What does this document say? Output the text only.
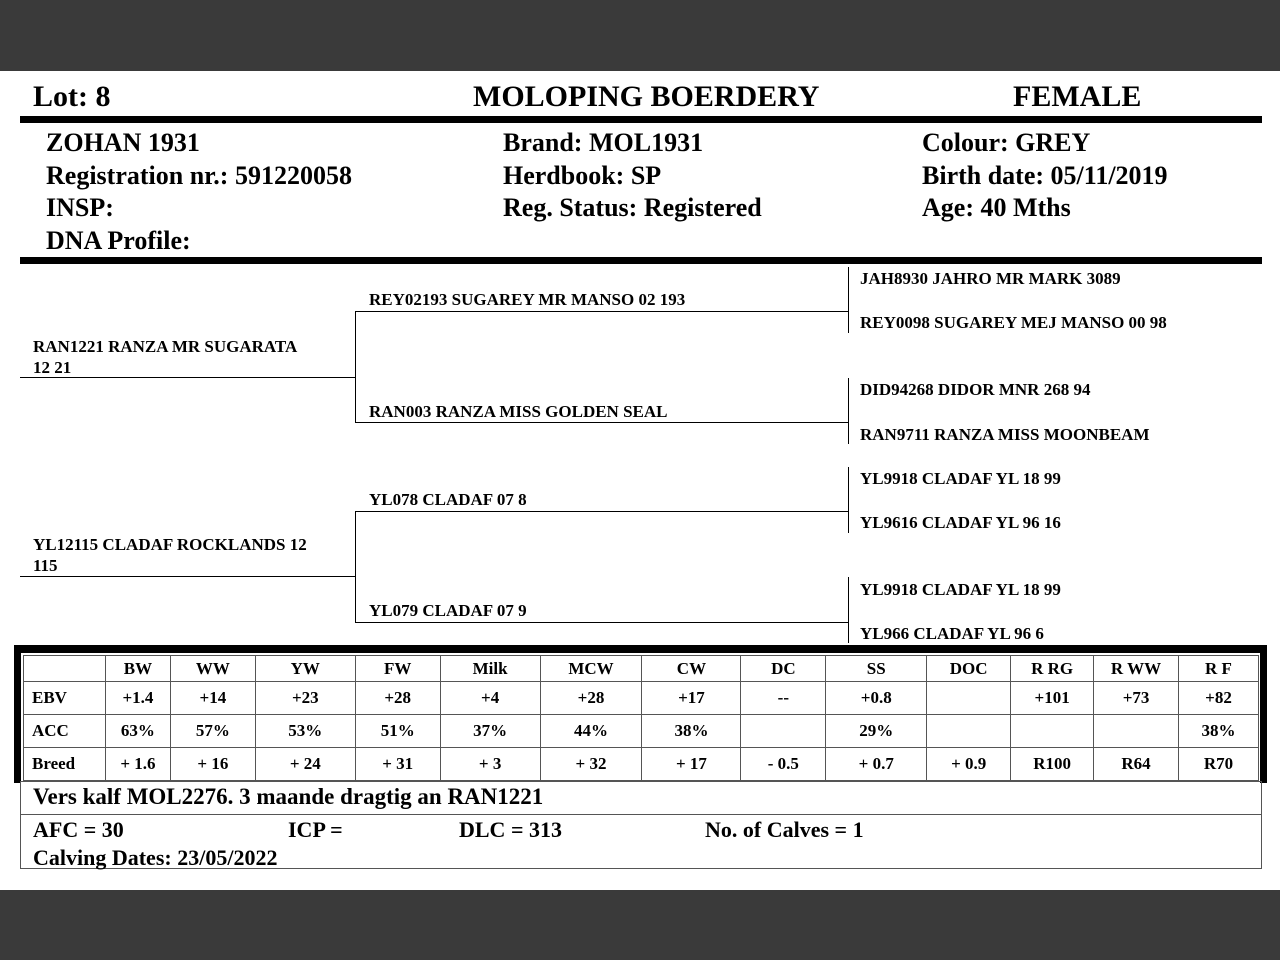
Lot: 8	MOLOPING BOERDERY	FEMALE
ZOHAN 1931
Registration nr.: 591220058
INSP:
DNA Profile:
Brand: MOL1931
Herdbook: SP
Reg. Status: Registered
Colour: GREY
Birth date: 05/11/2019
Age: 40 Mths
RAN1221 RANZA MR SUGARATA
12 21
YL12115 CLADAF ROCKLANDS 12
115
REY02193 SUGAREY MR MANSO 02 193
RAN003 RANZA MISS GOLDEN SEAL
YL078 CLADAF 07 8
YL079 CLADAF 07 9
JAH8930 JAHRO MR MARK 3089
REY0098 SUGAREY MEJ MANSO 00 98
DID94268 DIDOR MNR 268 94
RAN9711 RANZA MISS MOONBEAM
YL9918 CLADAF YL 18 99
YL9616 CLADAF YL 96 16
YL9918 CLADAF YL 18 99
YL966 CLADAF YL 96 6
	BW	WW	YW	FW	Milk	MCW	CW	DC	SS	DOC	R RG	R WW	R F
EBV	+1.4	+14	+23	+28	+4	+28	+17	--	+0.8		+101	+73	+82
ACC	63%	57%	53%	51%	37%	44%	38%		29%				38%
Breed	+ 1.6	+ 16	+ 24	+ 31	+ 3	+ 32	+ 17	- 0.5	+ 0.7	+ 0.9	R100	R64	R70
Vers kalf MOL2276. 3 maande dragtig an RAN1221
AFC = 30	ICP =	DLC = 313	No. of Calves = 1
Calving Dates: 23/05/2022
